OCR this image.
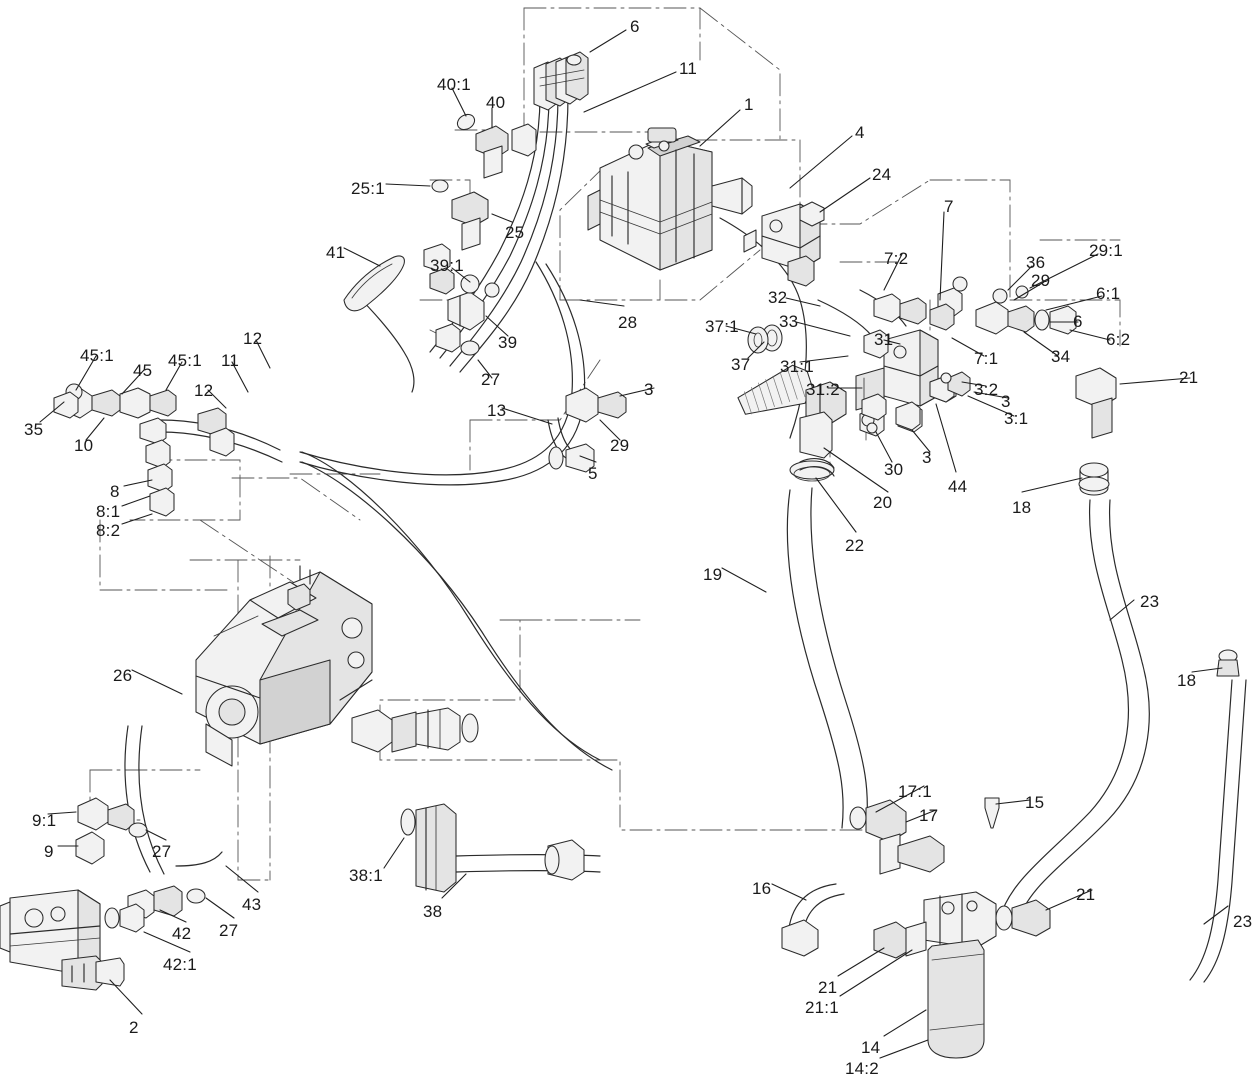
6
11
40:1
40	1
4
25:1
24
7
25
7:2	36
29:1
41
39:1
29
6:1
32
28	6
33
37:1
39	31	6:2
12
37 31:1	7:1	34
45:1
45
45:1 11
27
31:2
12	3	3:2
21
13	3
3:1
35
10	29
30
3
44
5
8
18
8:1	20
8:2
22
19
23
26	18
17:1
15
9:1	17
9	27
38:1
16	21
43
42 27
38
23
42:1
21
21:1
2
14
14:2
